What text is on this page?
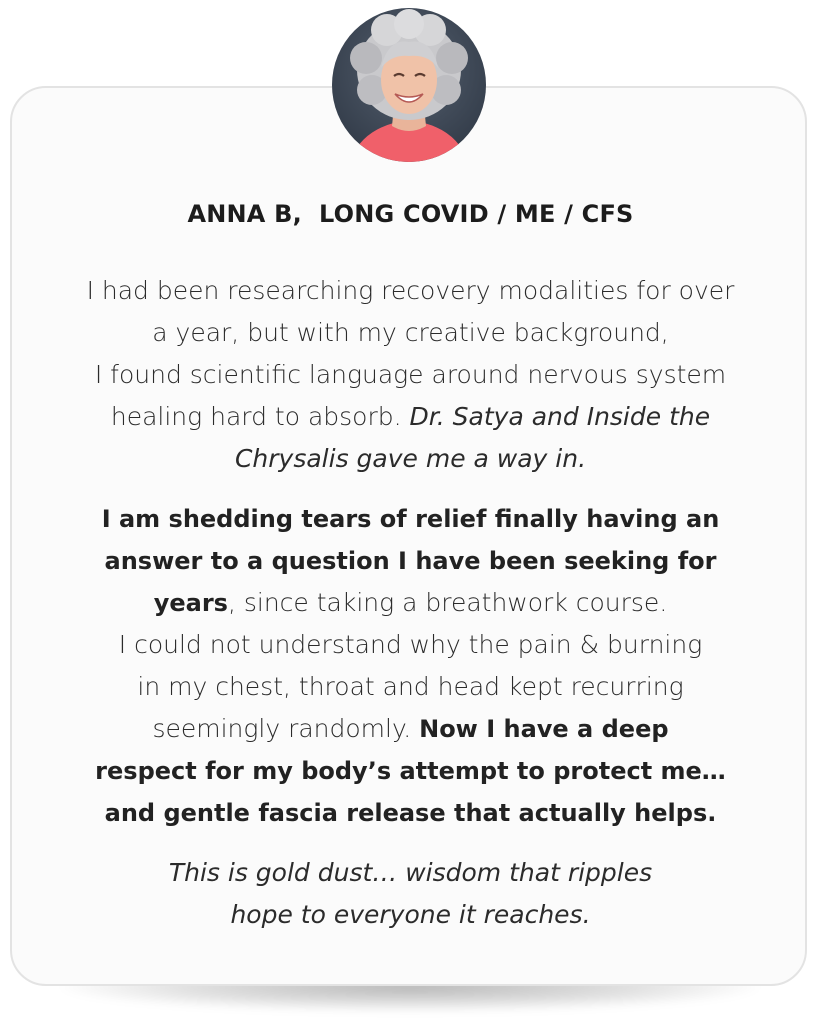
ANNA B,  LONG COVID / ME / CFS
I had been researching recovery modalities for over
a year, but with my creative background,
I found scientific language around nervous system
healing hard to absorb. Dr. Satya and Inside the
Chrysalis gave me a way in.
I am shedding tears of relief finally having an
answer to a question I have been seeking for
years, since taking a breathwork course.
I could not understand why the pain & burning
in my chest, throat and head kept recurring
seemingly randomly. Now I have a deep
respect for my body’s attempt to protect me…
and gentle fascia release that actually helps.
This is gold dust… wisdom that ripples
hope to everyone it reaches.
